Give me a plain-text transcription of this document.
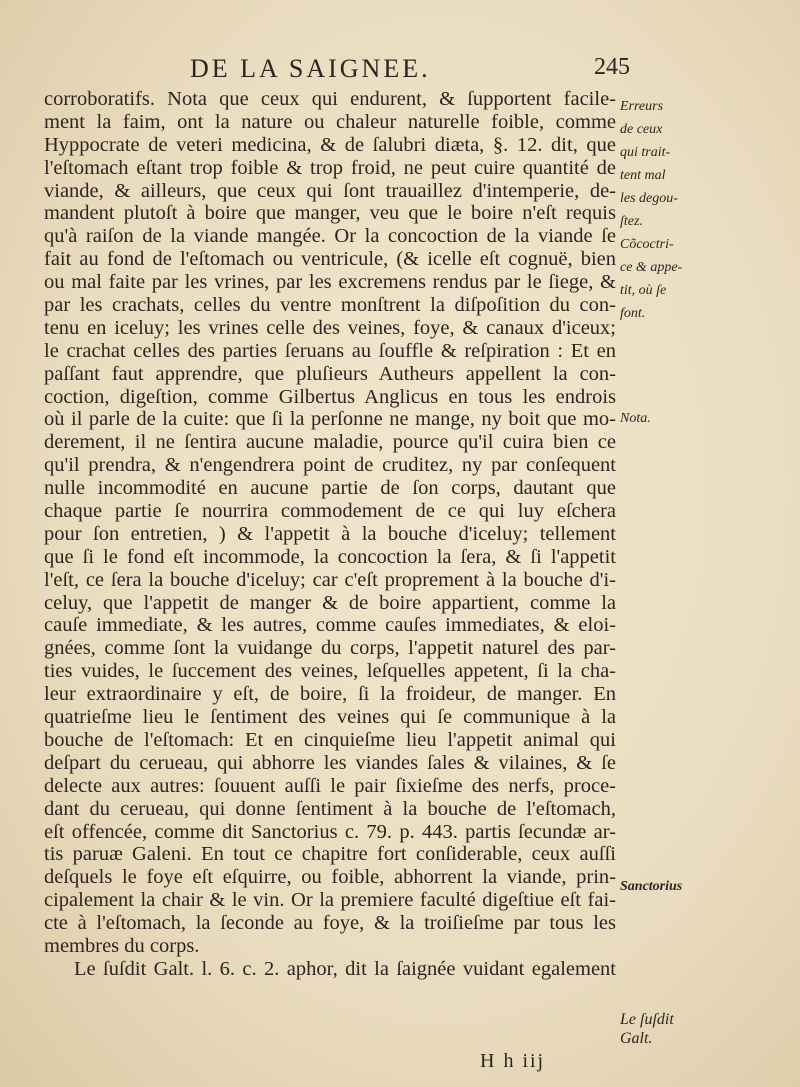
DE LA SAIGNEE.	245
corroboratifs. Nota que ceux qui endurent, & ſupportent facile-
ment la faim, ont la nature ou chaleur naturelle foible, comme
Hyppocrate de veteri medicina, & de ſalubri diæta, §. 12. dit, que
l'eſtomach eſtant trop foible & trop froid, ne peut cuire quantité de
viande, & ailleurs, que ceux qui ſont trauaillez d'intemperie, de-
mandent plutoſt à boire que manger, veu que le boire n'eſt requis
qu'à raiſon de la viande mangée. Or la concoction de la viande ſe
fait au fond de l'eſtomach ou ventricule, (& icelle eſt cognuë, bien
ou mal faite par les vrines, par les excremens rendus par le ſiege, &
par les crachats, celles du ventre monſtrent la diſpoſition du con-
tenu en iceluy; les vrines celle des veines, foye, & canaux d'iceux;
le crachat celles des parties ſeruans au ſouffle & reſpiration : Et en
paſſant faut apprendre, que pluſieurs Autheurs appellent la con-
coction, digeſtion, comme Gilbertus Anglicus en tous les endrois
où il parle de la cuite: que ſi la perſonne ne mange, ny boit que mo-
derement, il ne ſentira aucune maladie, pource qu'il cuira bien ce
qu'il prendra, & n'engendrera point de cruditez, ny par conſequent
nulle incommodité en aucune partie de ſon corps, dautant que
chaque partie ſe nourrira commodement de ce qui luy eſchera
pour ſon entretien, ) & l'appetit à la bouche d'iceluy; tellement
que ſi le fond eſt incommode, la concoction la ſera, & ſi l'appetit
l'eſt, ce ſera la bouche d'iceluy; car c'eſt proprement à la bouche d'i-
celuy, que l'appetit de manger & de boire appartient, comme la
cauſe immediate, & les autres, comme cauſes immediates, & eloi-
gnées, comme ſont la vuidange du corps, l'appetit naturel des par-
ties vuides, le ſuccement des veines, leſquelles appetent, ſi la cha-
leur extraordinaire y eſt, de boire, ſi la froideur, de manger. En
quatrieſme lieu le ſentiment des veines qui ſe communique à la
bouche de l'eſtomach: Et en cinquieſme lieu l'appetit animal qui
deſpart du cerueau, qui abhorre les viandes ſales & vilaines, & ſe
delecte aux autres: ſouuent auſſi le pair ſixieſme des nerfs, proce-
dant du cerueau, qui donne ſentiment à la bouche de l'eſtomach,
eſt offencée, comme dit Sanctorius c. 79. p. 443. partis ſecundæ ar-
tis paruæ Galeni. En tout ce chapitre fort conſiderable, ceux auſſi
deſquels le foye eſt eſquirre, ou foible, abhorrent la viande, prin-
cipalement la chair & le vin. Or la premiere faculté digeſtiue eſt fai-
cte à l'eſtomach, la ſeconde au foye, & la troiſieſme par tous les
membres du corps.
Le ſuſdit Galt. l. 6. c. 2. aphor, dit la ſaignée vuidant egalement
Erreurs
de ceux
qui trait-
tent mal
les degou-
ſtez.
Cõcoctri-
ce & appe-
tit, où ſe
font.
Nota.
Sanctorius
Le ſuſdit
Galt.
H h iij
